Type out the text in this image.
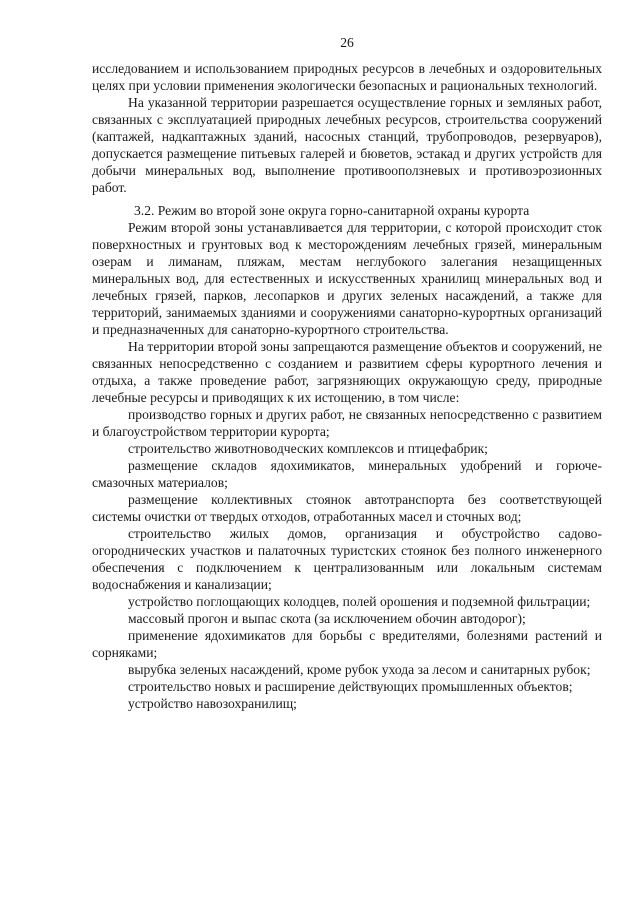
26

исследованием и использованием природных ресурсов в лечебных и оздоровительных целях при условии применения экологически безопасных и рациональных технологий.

На указанной территории разрешается осуществление горных и земляных работ, связанных с эксплуатацией природных лечебных ресурсов, строительства сооружений (каптажей, надкаптажных зданий, насосных станций, трубопроводов, резервуаров), допускается размещение питьевых галерей и бюветов, эстакад и других устройств для добычи минеральных вод, выполнение противооползневых и противоэрозионных работ.

3.2. Режим во второй зоне округа горно-санитарной охраны курорта

Режим второй зоны устанавливается для территории, с которой происходит сток поверхностных и грунтовых вод к месторождениям лечебных грязей, минеральным озерам и лиманам, пляжам, местам неглубокого залегания незащищенных минеральных вод, для естественных и искусственных хранилищ минеральных вод и лечебных грязей, парков, лесопарков и других зеленых насаждений, а также для территорий, занимаемых зданиями и сооружениями санаторно-курортных организаций и предназначенных для санаторно-курортного строительства.

На территории второй зоны запрещаются размещение объектов и сооружений, не связанных непосредственно с созданием и развитием сферы курортного лечения и отдыха, а также проведение работ, загрязняющих окружающую среду, природные лечебные ресурсы и приводящих к их истощению, в том числе:

производство горных и других работ, не связанных непосредственно с развитием и благоустройством территории курорта;

строительство животноводческих комплексов и птицефабрик;

размещение складов ядохимикатов, минеральных удобрений и горюче-смазочных материалов;

размещение коллективных стоянок автотранспорта без соответствующей системы очистки от твердых отходов, отработанных масел и сточных вод;

строительство жилых домов, организация и обустройство садово-огороднических участков и палаточных туристских стоянок без полного инженерного обеспечения с подключением к централизованным или локальным системам водоснабжения и канализации;

устройство поглощающих колодцев, полей орошения и подземной фильтрации;

массовый прогон и выпас скота (за исключением обочин автодорог);

применение ядохимикатов для борьбы с вредителями, болезнями растений и сорняками;

вырубка зеленых насаждений, кроме рубок ухода за лесом и санитарных рубок;

строительство новых и расширение действующих промышленных объектов;

устройство навозохранилищ;
